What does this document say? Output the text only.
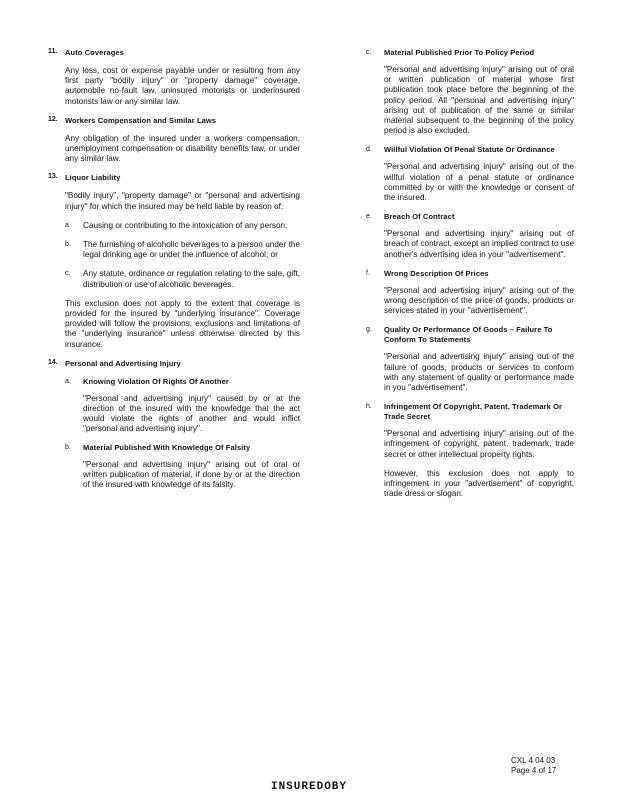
11. Auto Coverages

Any loss, cost or expense payable under or resulting from any first party "bodily injury" or "property damage" coverage, automobile no-fault law, uninsured motorists or underinsured motorists law or any similar law.

12. Workers Compensation and Similar Laws

Any obligation of the insured under a workers compensation, unemployment compensation or disability benefits law, or under any similar law.

13. Liquor Liability

"Bodily injury", "property damage" or "personal and advertising injury" for which the insured may be held liable by reason of:

a. Causing or contributing to the intoxication of any person;

b. The furnishing of alcoholic beverages to a person under the legal drinking age or under the influence of alcohol; or

c. Any statute, ordinance or regulation relating to the sale, gift, distribution or use of alcoholic beverages.

This exclusion does not apply to the extent that coverage is provided for the insured by "underlying insurance". Coverage provided will follow the provisions, exclusions and limitations of the "underlying insurance" unless otherwise directed by this insurance.

14. Personal and Advertising Injury
a. Knowing Violation Of Rights Of Another

"Personal and advertising injury" caused by or at the direction of the insured with the knowledge that the act would violate the rights of another and would inflict "personal and advertising injury".

b. Material Published With Knowledge Of Falsity

"Personal and advertising injury" arising out of oral or written publication of material, if done by or at the direction of the insured with knowledge of its falsity.

c. Material Published Prior To Policy Period

"Personal and advertising injury" arising out of oral or written publication of material whose first publication took place before the beginning of the policy period. All "personal and advertising injury" arising out of publication of the same or similar material subsequent to the beginning of the policy period is also excluded.

d. Willful Violation Of Penal Statute Or Ordinance

"Personal and advertising injury" arising out of the willful violation of a penal statute or ordinance committed by or with the knowledge or consent of the insured.

e. Breach Of Contract

"Personal and advertising injury" arising out of breach of contract, except an implied contract to use another's advertising idea in your "advertisement".

f. Wrong Description Of Prices

"Personal and advertising injury" arising out of the wrong description of the price of goods, products or services stated in your "advertisement".

g. Quality Or Performance Of Goods – Failure To Conform To Statements

"Personal and advertising injury" arising out of the failure of goods, products or services to conform with any statement of quality or performance made in you "advertisement".

h. Infringement Of Copyright, Patent, Trademark Or Trade Secret

"Personal and advertising injury" arising out of the infringement of copyright, patent, trademark, trade secret or other intellectual property rights.

However, this exclusion does not apply to infringement in your "advertisement" of copyright, trade dress or slogan.

CXL 4 04 03
Page 4 of 17
INSUREDOBY
